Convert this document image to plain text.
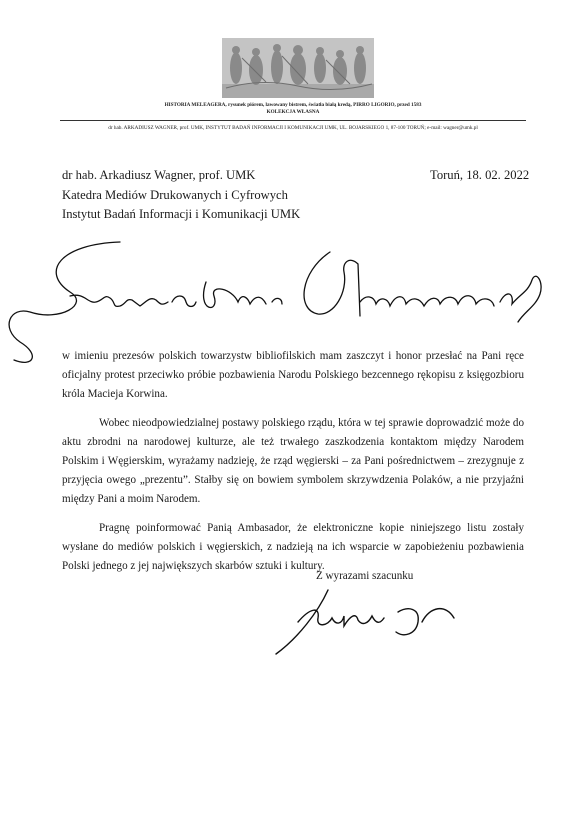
HISTORIA MELEAGERA, rysunek piórem, lawowany bistrem, światła białą kredą, PIRRO LIGORIO, przed 1583
KOLEKCJA WŁASNA
dr hab. ARKADIUSZ WAGNER, prof. UMK, INSTYTUT BADAŃ INFORMACJI I KOMUNIKACJI UMK, UL. BOJARSKIEGO 1, 87-100 TORUŃ; e-mail: wagner@umk.pl
dr hab. Arkadiusz Wagner, prof. UMK
Katedra Mediów Drukowanych i Cyfrowych
Instytut Badań Informacji i Komunikacji UMK
Toruń, 18. 02. 2022

w imieniu prezesów polskich towarzystw bibliofilskich mam zaszczyt i honor przesłać na Pani ręce oficjalny protest przeciwko próbie pozbawienia Narodu Polskiego bezcennego rękopisu z księgozbioru króla Macieja Korwina.

Wobec nieodpowiedzialnej postawy polskiego rządu, która w tej sprawie doprowadzić może do aktu zbrodni na narodowej kulturze, ale też trwałego zaszkodzenia kontaktom między Narodem Polskim i Węgierskim, wyrażamy nadzieję, że rząd węgierski – za Pani pośrednictwem – zrezygnuje z przyjęcia owego „prezentu”. Stałby się on bowiem symbolem skrzywdzenia Polaków, a nie przyjaźni między Pani a moim Narodem.

Pragnę poinformować Panią Ambasador, że elektroniczne kopie niniejszego listu zostały wysłane do mediów polskich i węgierskich, z nadzieją na ich wsparcie w zapobieżeniu pozbawienia Polski jednego z jej największych skarbów sztuki i kultury.

Z wyrazami szacunku
